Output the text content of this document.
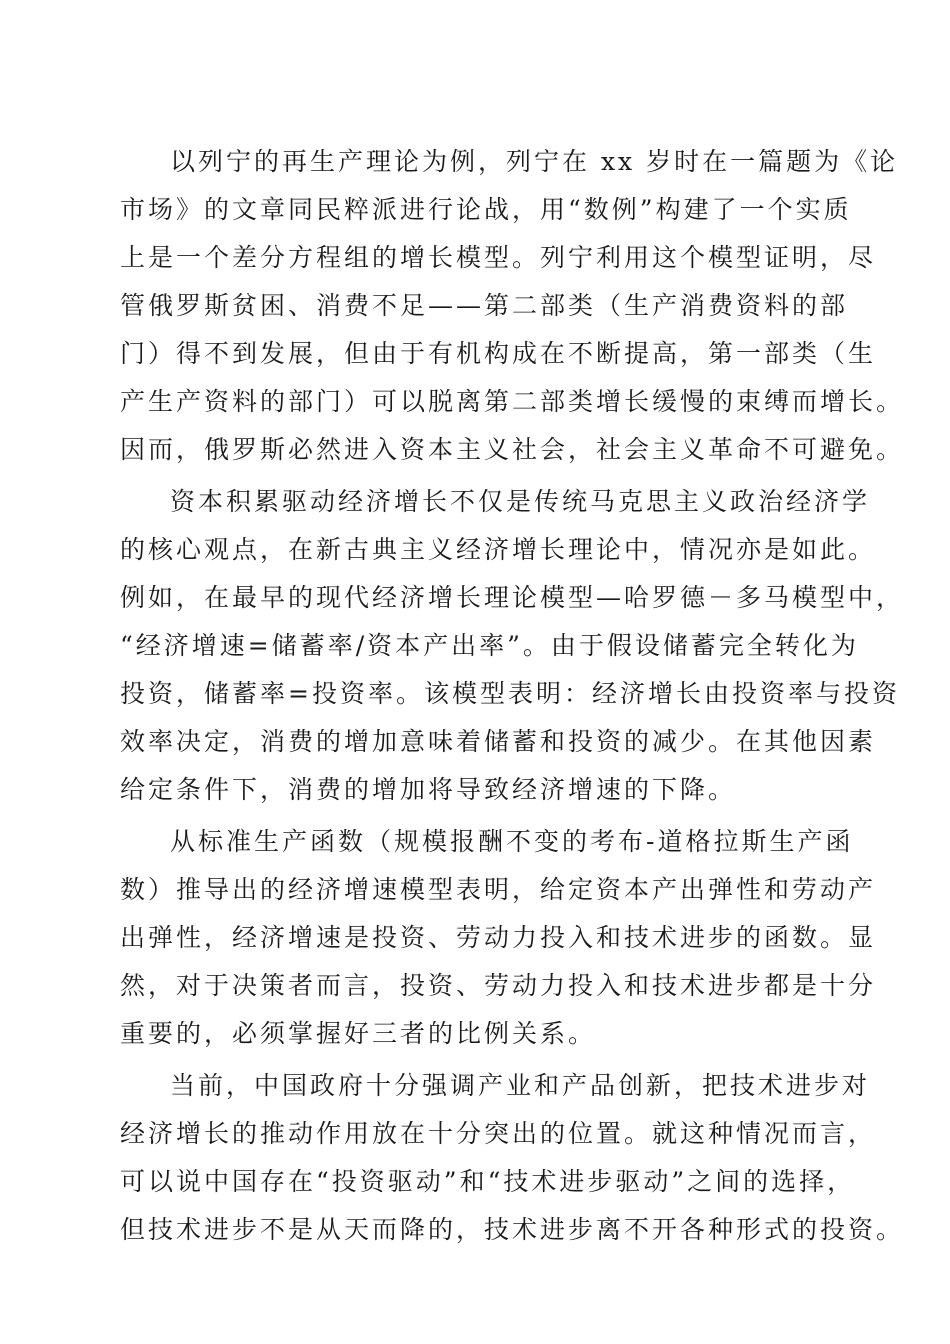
以列宁的再生产理论为例，列宁在 xx 岁时在一篇题为《论
市场》的文章同民粹派进行论战，用“数例”构建了一个实质
上是一个差分方程组的增长模型。列宁利用这个模型证明，尽
管俄罗斯贫困、消费不足——第二部类（生产消费资料的部
门）得不到发展，但由于有机构成在不断提高，第一部类（生
产生产资料的部门）可以脱离第二部类增长缓慢的束缚而增长。
因而，俄罗斯必然进入资本主义社会，社会主义革命不可避免。
资本积累驱动经济增长不仅是传统马克思主义政治经济学
的核心观点，在新古典主义经济增长理论中，情况亦是如此。
例如，在最早的现代经济增长理论模型—哈罗德－多马模型中，
“经济增速=储蓄率/资本产出率”。由于假设储蓄完全转化为
投资，储蓄率=投资率。该模型表明：经济增长由投资率与投资
效率决定，消费的增加意味着储蓄和投资的减少。在其他因素
给定条件下，消费的增加将导致经济增速的下降。
从标准生产函数（规模报酬不变的考布-道格拉斯生产函
数）推导出的经济增速模型表明，给定资本产出弹性和劳动产
出弹性，经济增速是投资、劳动力投入和技术进步的函数。显
然，对于决策者而言，投资、劳动力投入和技术进步都是十分
重要的，必须掌握好三者的比例关系。
当前，中国政府十分强调产业和产品创新，把技术进步对
经济增长的推动作用放在十分突出的位置。就这种情况而言，
可以说中国存在“投资驱动”和“技术进步驱动”之间的选择，
但技术进步不是从天而降的，技术进步离不开各种形式的投资。
